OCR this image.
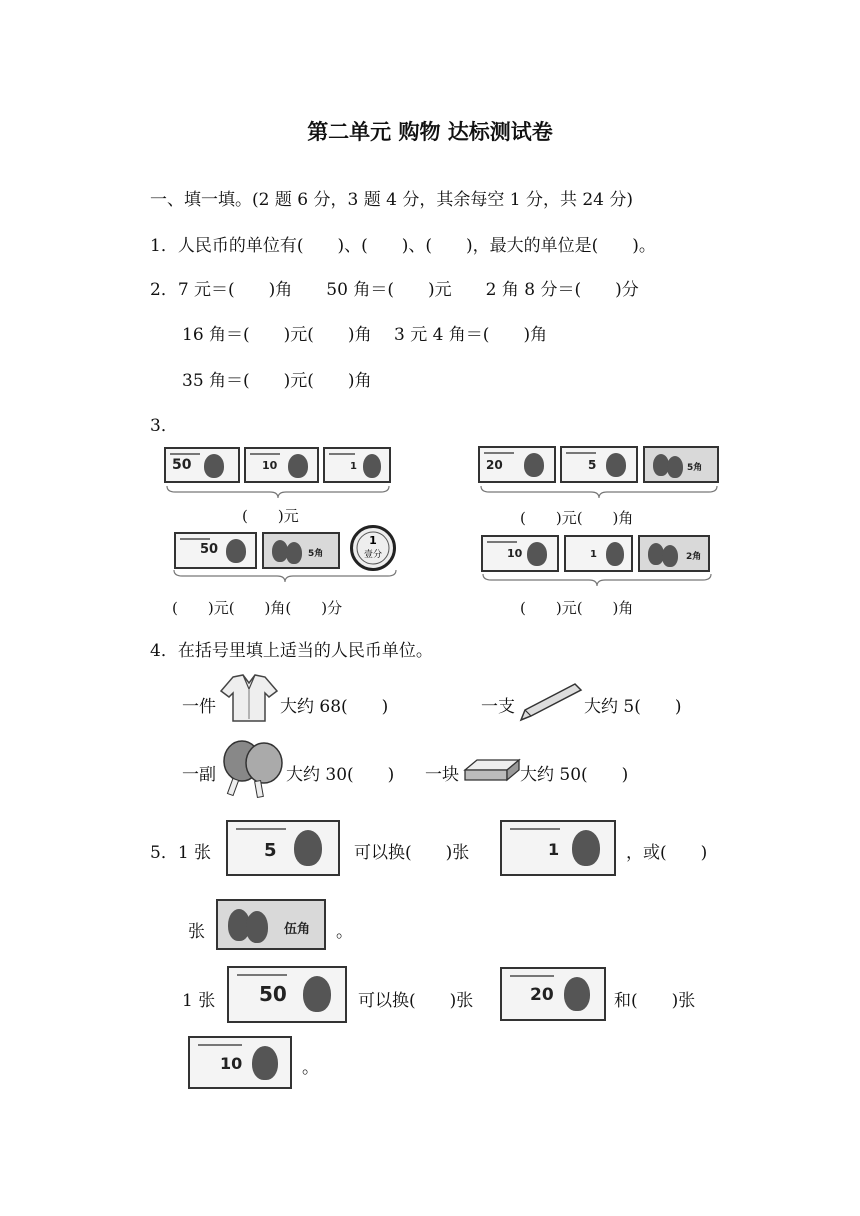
第二单元 购物 达标测试卷
一、填一填。(2 题 6 分，3 题 4 分，其余每空 1 分，共 24 分)
1．人民币的单位有(　　)、(　　)、(　　)，最大的单位是(　　)。
2．7 元＝(　　)角　　50 角＝(　　)元　　2 角 8 分＝(　　)分
16 角＝(　　)元(　　)角　 3 元 4 角＝(　　)角
35 角＝(　　)元(　　)角
3．
50	10	1
(　　)元
20	5	5角
(　　)元(　　)角
50	5角
1
壹分
(　　)元(　　)角(　　)分
10	1	2角
(　　)元(　　)角
4．在括号里填上适当的人民币单位。
一件	大约 68(　　)	一支	大约 5(　　)
一副	大约 30(　　) 一块	大约 50(　　)
5．1 张	5	可以换(　　)张	1	，或(　　)
张	伍角 。
1 张 50	可以换(　　)张	20	和(　　)张
10	。
